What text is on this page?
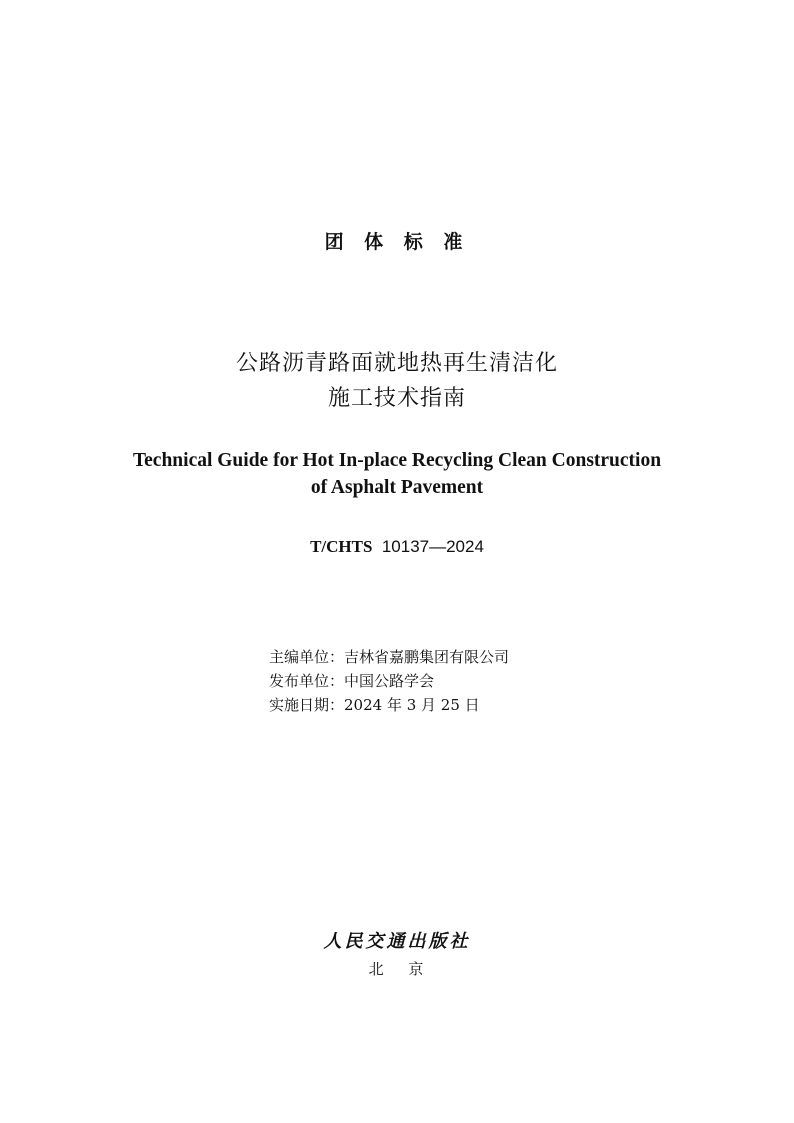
团 体 标 准
公路沥青路面就地热再生清洁化
施工技术指南
Technical Guide for Hot In-place Recycling Clean Construction
of Asphalt Pavement
T/CHTS 10137—2024
主编单位：吉林省嘉鹏集团有限公司
发布单位：中国公路学会
实施日期：2024 年 3 月 25 日
人民交通出版社
北 京
